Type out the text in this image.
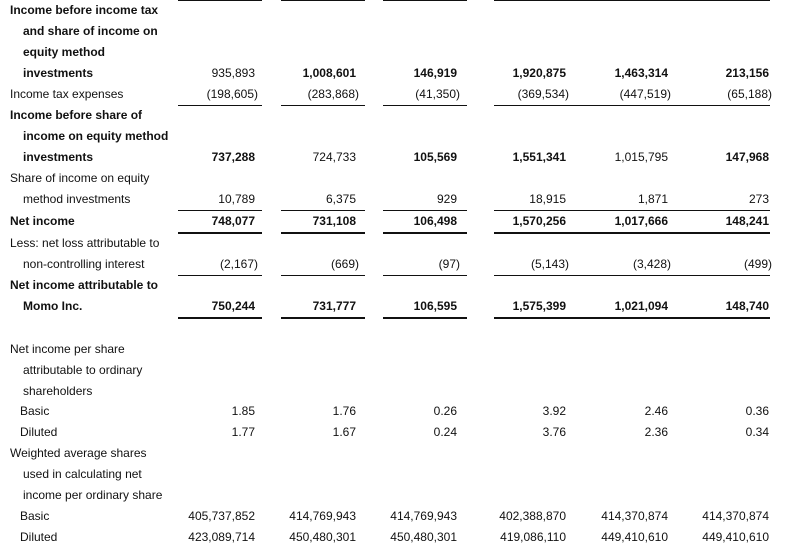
Income before income tax
and share of income on
equity method
investments	935,893	1,008,601	146,919	1,920,875	1,463,314	213,156
Income tax expenses	(198,605)	(283,868)	(41,350)	(369,534)	(447,519)	(65,188)
Income before share of
income on equity method
investments	737,288	724,733	105,569	1,551,341	1,015,795	147,968
Share of income on equity
method investments	10,789	6,375	929	18,915	1,871	273
Net income	748,077	731,108	106,498	1,570,256	1,017,666	148,241
Less: net loss attributable to
non-controlling interest	(2,167)	(669)	(97)	(5,143)	(3,428)	(499)
Net income attributable to
Momo Inc.	750,244	731,777	106,595	1,575,399	1,021,094	148,740
Net income per share
attributable to ordinary
shareholders
Basic	1.85	1.76	0.26	3.92	2.46	0.36
Diluted	1.77	1.67	0.24	3.76	2.36	0.34
Weighted average shares
used in calculating net
income per ordinary share
Basic	405,737,852	414,769,943	414,769,943	402,388,870	414,370,874	414,370,874
Diluted	423,089,714	450,480,301	450,480,301	419,086,110	449,410,610	449,410,610
